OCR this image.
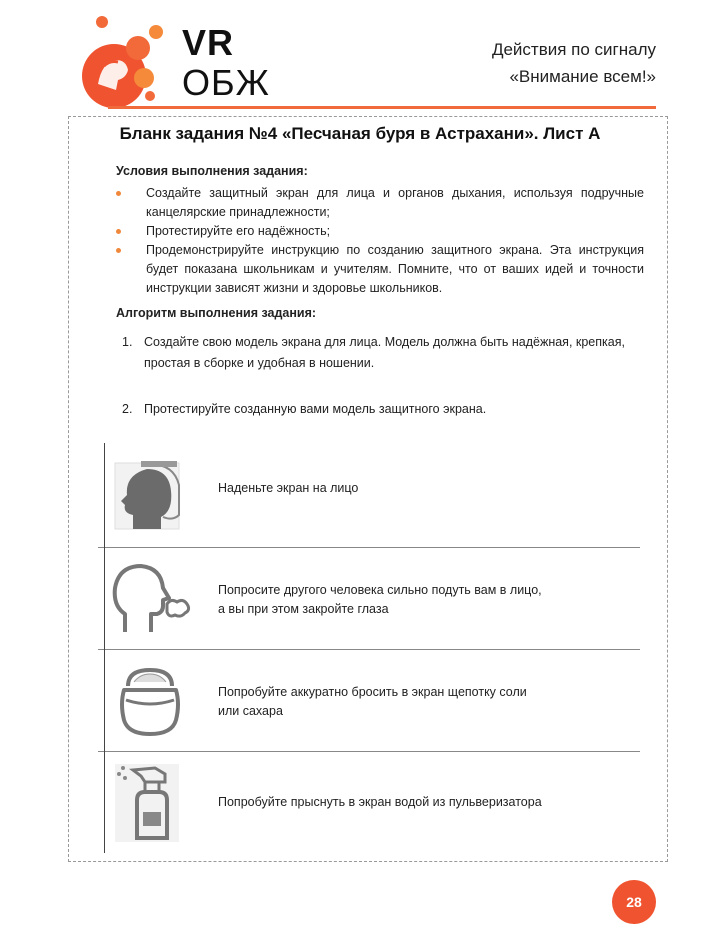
VR
ОБЖ
Действия по сигналу
«Внимание всем!»
Бланк задания №4 «Песчаная буря в Астрахани». Лист А
Условия выполнения задания:
Создайте защитный экран для лица и органов дыхания, используя подручные канцелярские принадлежности;
Протестируйте его надёжность;
Продемонстрируйте инструкцию по созданию защитного экрана. Эта инструкция будет показана школьникам и учителям. Помните, что от ваших идей и точности инструкции зависят жизни и здоровье школьников.
Алгоритм выполнения задания:
1. Создайте свою модель экрана для лица. Модель должна быть надёжная, крепкая, простая в сборке и удобная в ношении.
2. Протестируйте созданную вами модель защитного экрана.
Наденьте экран на лицо
Попросите другого человека сильно подуть вам в лицо,
а вы при этом закройте глаза
Попробуйте аккуратно бросить в экран щепотку соли
или сахара
Попробуйте прыснуть в экран водой из пульверизатора
28
